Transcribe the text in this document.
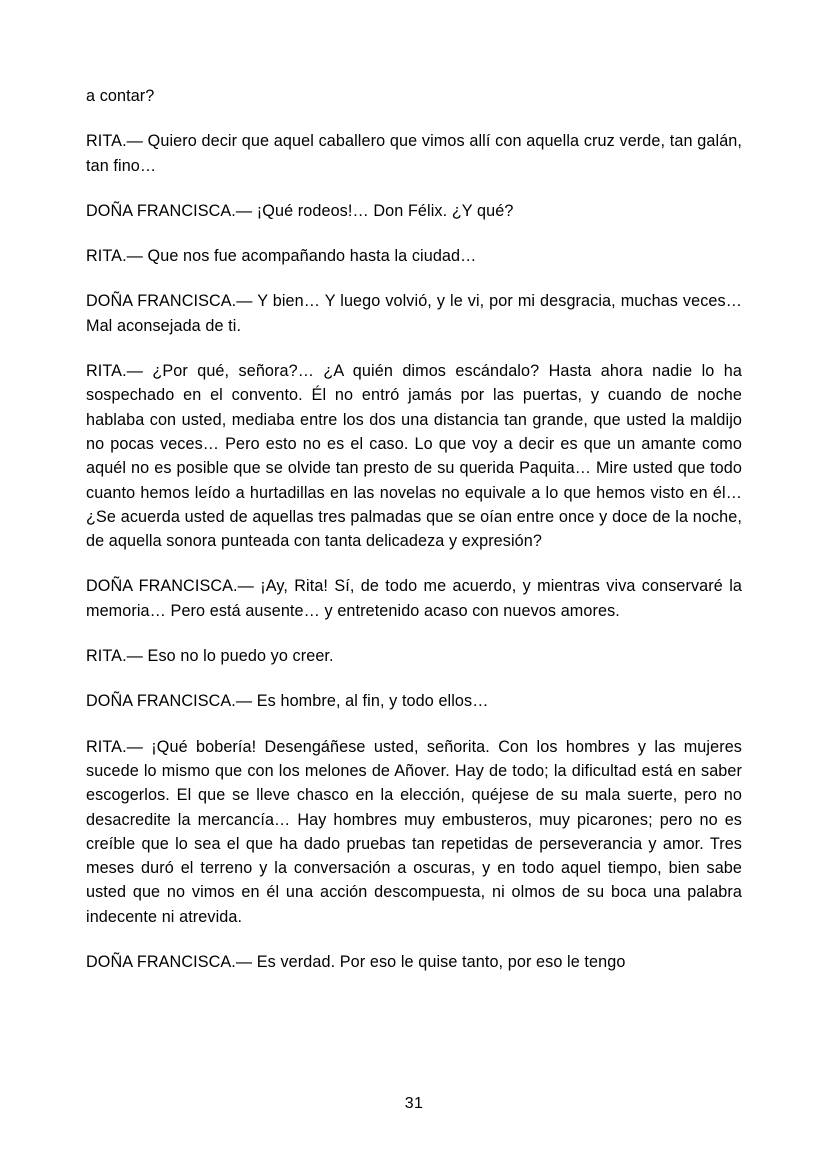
a contar?

RITA.— Quiero decir que aquel caballero que vimos allí con aquella cruz verde, tan galán, tan fino…

DOÑA FRANCISCA.— ¡Qué rodeos!… Don Félix. ¿Y qué?

RITA.— Que nos fue acompañando hasta la ciudad…

DOÑA FRANCISCA.— Y bien… Y luego volvió, y le vi, por mi desgracia, muchas veces… Mal aconsejada de ti.

RITA.— ¿Por qué, señora?… ¿A quién dimos escándalo? Hasta ahora nadie lo ha sospechado en el convento. Él no entró jamás por las puertas, y cuando de noche hablaba con usted, mediaba entre los dos una distancia tan grande, que usted la maldijo no pocas veces… Pero esto no es el caso. Lo que voy a decir es que un amante como aquél no es posible que se olvide tan presto de su querida Paquita… Mire usted que todo cuanto hemos leído a hurtadillas en las novelas no equivale a lo que hemos visto en él… ¿Se acuerda usted de aquellas tres palmadas que se oían entre once y doce de la noche, de aquella sonora punteada con tanta delicadeza y expresión?

DOÑA FRANCISCA.— ¡Ay, Rita! Sí, de todo me acuerdo, y mientras viva conservaré la memoria… Pero está ausente… y entretenido acaso con nuevos amores.

RITA.— Eso no lo puedo yo creer.

DOÑA FRANCISCA.— Es hombre, al fin, y todo ellos…

RITA.— ¡Qué bobería! Desengáñese usted, señorita. Con los hombres y las mujeres sucede lo mismo que con los melones de Añover. Hay de todo; la dificultad está en saber escogerlos. El que se lleve chasco en la elección, quéjese de su mala suerte, pero no desacredite la mercancía… Hay hombres muy embusteros, muy picarones; pero no es creíble que lo sea el que ha dado pruebas tan repetidas de perseverancia y amor. Tres meses duró el terreno y la conversación a oscuras, y en todo aquel tiempo, bien sabe usted que no vimos en él una acción descompuesta, ni olmos de su boca una palabra indecente ni atrevida.

DOÑA FRANCISCA.— Es verdad. Por eso le quise tanto, por eso le tengo

31
